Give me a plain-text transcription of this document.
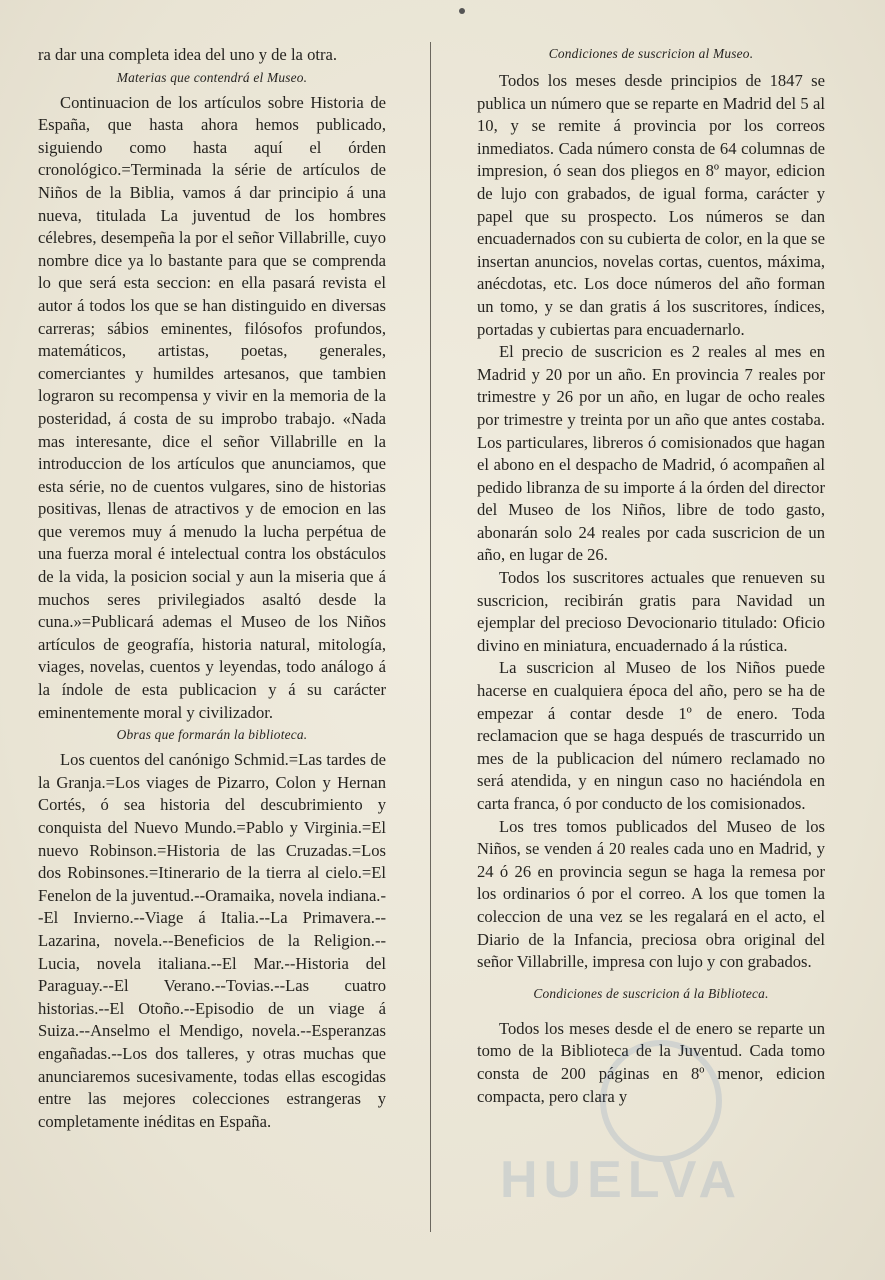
ra dar una completa idea del uno y de la otra.

Materias que contendrá el Museo.

Continuacion de los artículos sobre Historia de España, que hasta ahora hemos publicado, siguiendo como hasta aquí el órden cronológico.=Terminada la série de artículos de Niños de la Biblia, vamos á dar principio á una nueva, titulada La juventud de los hombres célebres, desempeña la por el señor Villabrille, cuyo nombre dice ya lo bastante para que se comprenda lo que será esta seccion: en ella pasará revista el autor á todos los que se han distinguido en diversas carreras; sábios eminentes, filósofos profundos, matemáticos, artistas, poetas, generales, comerciantes y humildes artesanos, que tambien lograron su recompensa y vivir en la memoria de la posteridad, á costa de su improbo trabajo. «Nada mas interesante, dice el señor Villabrille en la introduccion de los artículos que anunciamos, que esta série, no de cuentos vulgares, sino de historias positivas, llenas de atractivos y de emocion en las que veremos muy á menudo la lucha perpétua de una fuerza moral é intelectual contra los obstáculos de la vida, la posicion social y aun la miseria que á muchos seres privilegiados asaltó desde la cuna.»=Publicará ademas el Museo de los Niños artículos de geografía, historia natural, mitología, viages, novelas, cuentos y leyendas, todo análogo á la índole de esta publicacion y á su carácter eminentemente moral y civilizador.

Obras que formarán la biblioteca.

Los cuentos del canónigo Schmid.=Las tardes de la Granja.=Los viages de Pizarro, Colon y Hernan Cortés, ó sea historia del descubrimiento y conquista del Nuevo Mundo.=Pablo y Virginia.=El nuevo Robinson.=Historia de las Cruzadas.=Los dos Robinsones.=Itinerario de la tierra al cielo.=El Fenelon de la juventud.--Oramaika, novela indiana.--El Invierno.--Viage á Italia.--La Primavera.--Lazarina, novela.--Beneficios de la Religion.--Lucia, novela italiana.--El Mar.--Historia del Paraguay.--El Verano.--Tovias.--Las cuatro historias.--El Otoño.--Episodio de un viage á Suiza.--Anselmo el Mendigo, novela.--Esperanzas engañadas.--Los dos talleres, y otras muchas que anunciaremos sucesivamente, todas ellas escogidas entre las mejores colecciones estrangeras y completamente inéditas en España.

Condiciones de suscricion al Museo.

Todos los meses desde principios de 1847 se publica un número que se reparte en Madrid del 5 al 10, y se remite á provincia por los correos inmediatos. Cada número consta de 64 columnas de impresion, ó sean dos pliegos en 8º mayor, edicion de lujo con grabados, de igual forma, carácter y papel que su prospecto. Los números se dan encuadernados con su cubierta de color, en la que se insertan anuncios, novelas cortas, cuentos, máxima, anécdotas, etc. Los doce números del año forman un tomo, y se dan gratis á los suscritores, índices, portadas y cubiertas para encuadernarlo.

El precio de suscricion es 2 reales al mes en Madrid y 20 por un año. En provincia 7 reales por trimestre y 26 por un año, en lugar de ocho reales por trimestre y treinta por un año que antes costaba. Los particulares, libreros ó comisionados que hagan el abono en el despacho de Madrid, ó acompañen al pedido libranza de su importe á la órden del director del Museo de los Niños, libre de todo gasto, abonarán solo 24 reales por cada suscricion de un año, en lugar de 26.

Todos los suscritores actuales que renueven su suscricion, recibirán gratis para Navidad un ejemplar del precioso Devocionario titulado: Oficio divino en miniatura, encuadernado á la rústica.

La suscricion al Museo de los Niños puede hacerse en cualquiera época del año, pero se ha de empezar á contar desde 1º de enero. Toda reclamacion que se haga después de trascurrido un mes de la publicacion del número reclamado no será atendida, y en ningun caso no haciéndola en carta franca, ó por conducto de los comisionados.

Los tres tomos publicados del Museo de los Niños, se venden á 20 reales cada uno en Madrid, y 24 ó 26 en provincia segun se haga la remesa por los ordinarios ó por el correo. A los que tomen la coleccion de una vez se les regalará en el acto, el Diario de la Infancia, preciosa obra original del señor Villabrille, impresa con lujo y con grabados.

Condiciones de suscricion á la Biblioteca.

Todos los meses desde el de enero se reparte un tomo de la Biblioteca de la Juventud. Cada tomo consta de 200 páginas en 8º menor, edicion compacta, pero clara y

HUELVA
